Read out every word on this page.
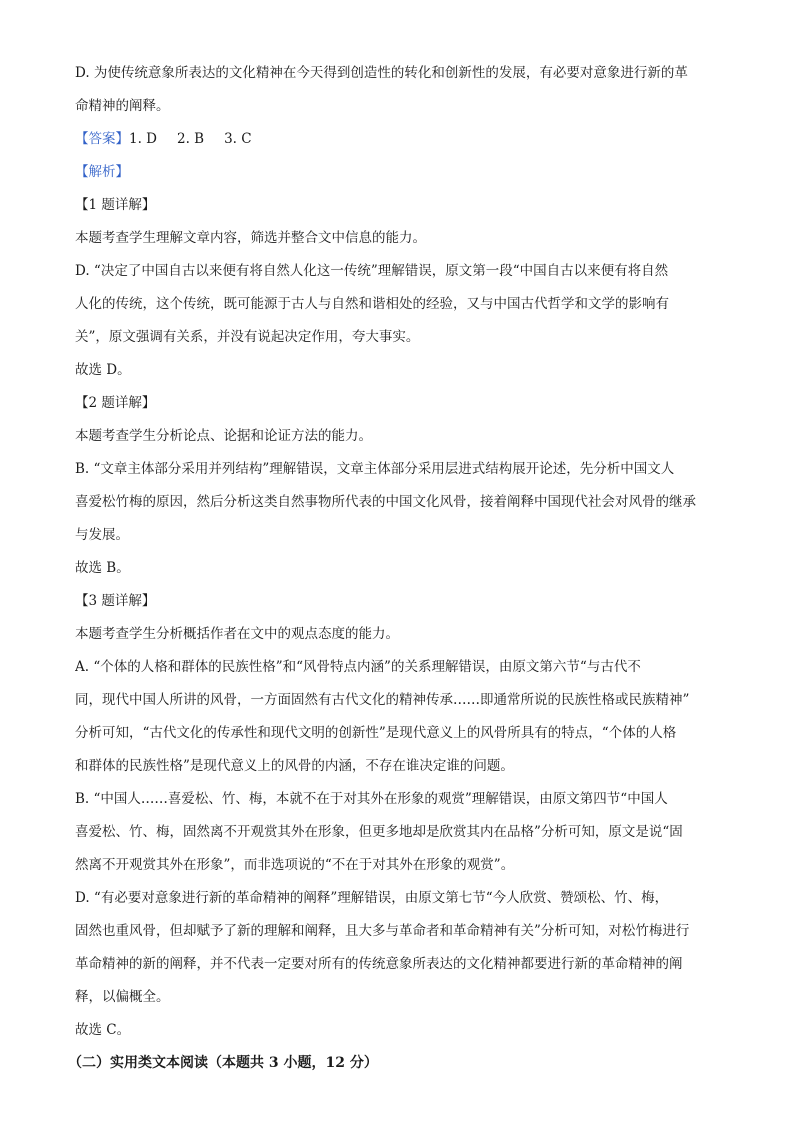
D. 为使传统意象所表达的文化精神在今天得到创造性的转化和创新性的发展，有必要对意象进行新的革
命精神的阐释。
【答案】1. D 2. B 3. C
【解析】
【1 题详解】
本题考查学生理解文章内容，筛选并整合文中信息的能力。
D. “决定了中国自古以来便有将自然人化这一传统”理解错误，原文第一段“中国自古以来便有将自然
人化的传统，这个传统，既可能源于古人与自然和谐相处的经验，又与中国古代哲学和文学的影响有
关”，原文强调有关系，并没有说起决定作用，夸大事实。
故选 D。
【2 题详解】
本题考查学生分析论点、论据和论证方法的能力。
B. “文章主体部分采用并列结构”理解错误，文章主体部分采用层进式结构展开论述，先分析中国文人
喜爱松竹梅的原因，然后分析这类自然事物所代表的中国文化风骨，接着阐释中国现代社会对风骨的继承
与发展。
故选 B。
【3 题详解】
本题考查学生分析概括作者在文中的观点态度的能力。
A. “个体的人格和群体的民族性格”和“风骨特点内涵”的关系理解错误，由原文第六节“与古代不
同，现代中国人所讲的风骨，一方面固然有古代文化的精神传承……即通常所说的民族性格或民族精神”
分析可知，“古代文化的传承性和现代文明的创新性”是现代意义上的风骨所具有的特点，“个体的人格
和群体的民族性格”是现代意义上的风骨的内涵，不存在谁决定谁的问题。
B. “中国人……喜爱松、竹、梅，本就不在于对其外在形象的观赏”理解错误，由原文第四节“中国人
喜爱松、竹、梅，固然离不开观赏其外在形象，但更多地却是欣赏其内在品格”分析可知，原文是说“固
然离不开观赏其外在形象”，而非选项说的“不在于对其外在形象的观赏”。
D. “有必要对意象进行新的革命精神的阐释”理解错误，由原文第七节“今人欣赏、赞颂松、竹、梅，
固然也重风骨，但却赋予了新的理解和阐释，且大多与革命者和革命精神有关”分析可知，对松竹梅进行
革命精神的新的阐释，并不代表一定要对所有的传统意象所表达的文化精神都要进行新的革命精神的阐
释，以偏概全。
故选 C。
（二）实用类文本阅读（本题共 3 小题，12 分）
